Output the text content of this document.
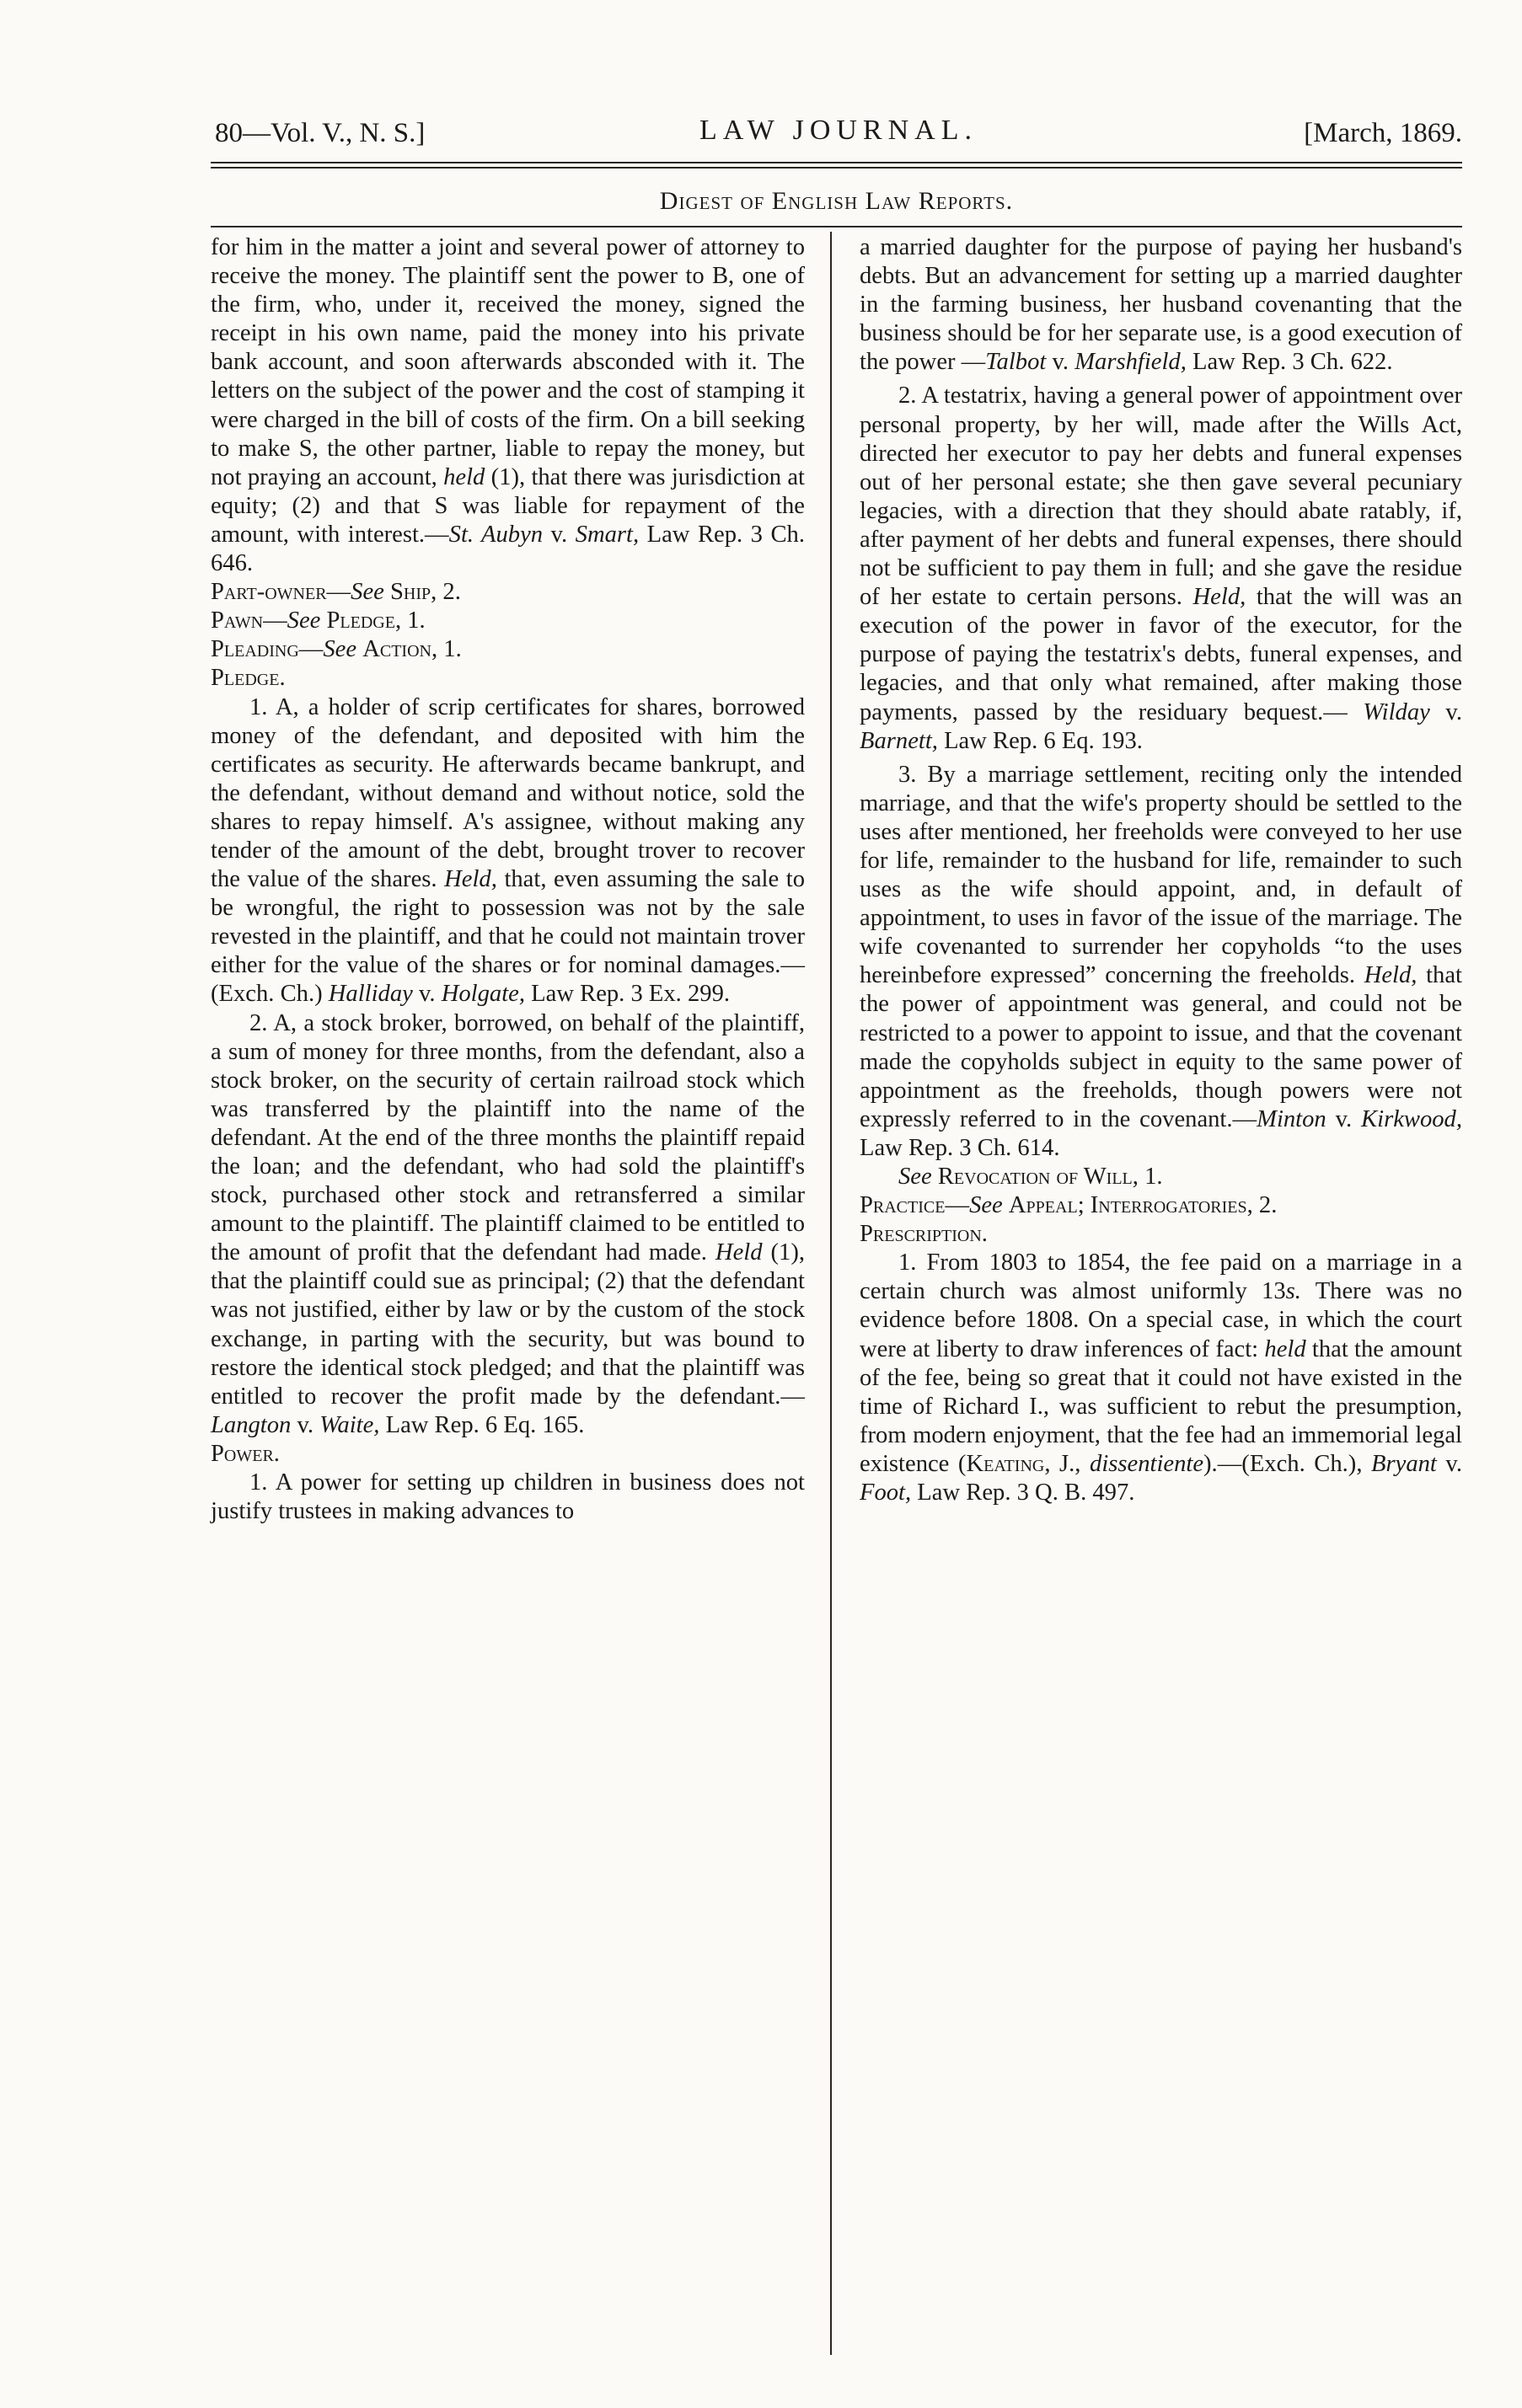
80—Vol. V., N. S.]	LAW JOURNAL.	[March, 1869.
Digest of English Law Reports.

for him in the matter a joint and several power of attorney to receive the money. The plaintiff sent the power to B, one of the firm, who, under it, received the money, signed the receipt in his own name, paid the money into his private bank account, and soon afterwards absconded with it. The letters on the subject of the power and the cost of stamping it were charged in the bill of costs of the firm. On a bill seeking to make S, the other partner, liable to repay the money, but not praying an account, held (1), that there was jurisdiction at equity; (2) and that S was liable for repayment of the amount, with interest.—St. Aubyn v. Smart, Law Rep. 3 Ch. 646.

Part-owner—See Ship, 2.

Pawn—See Pledge, 1.

Pleading—See Action, 1.

Pledge.

1. A, a holder of scrip certificates for shares, borrowed money of the defendant, and deposited with him the certificates as security. He afterwards became bankrupt, and the defendant, without demand and without notice, sold the shares to repay himself. A's assignee, without making any tender of the amount of the debt, brought trover to recover the value of the shares. Held, that, even assuming the sale to be wrongful, the right to possession was not by the sale revested in the plaintiff, and that he could not maintain trover either for the value of the shares or for nominal damages.—(Exch. Ch.) Halliday v. Holgate, Law Rep. 3 Ex. 299.

2. A, a stock broker, borrowed, on behalf of the plaintiff, a sum of money for three months, from the defendant, also a stock broker, on the security of certain railroad stock which was transferred by the plaintiff into the name of the defendant. At the end of the three months the plaintiff repaid the loan; and the defendant, who had sold the plaintiff's stock, purchased other stock and retransferred a similar amount to the plaintiff. The plaintiff claimed to be entitled to the amount of profit that the defendant had made. Held (1), that the plaintiff could sue as principal; (2) that the defendant was not justified, either by law or by the custom of the stock exchange, in parting with the security, but was bound to restore the identical stock pledged; and that the plaintiff was entitled to recover the profit made by the defendant.—Langton v. Waite, Law Rep. 6 Eq. 165.

Power.

1. A power for setting up children in business does not justify trustees in making advances to

a married daughter for the purpose of paying her husband's debts. But an advancement for setting up a married daughter in the farming business, her husband covenanting that the business should be for her separate use, is a good execution of the power —Talbot v. Marshfield, Law Rep. 3 Ch. 622.

2. A testatrix, having a general power of appointment over personal property, by her will, made after the Wills Act, directed her executor to pay her debts and funeral expenses out of her personal estate; she then gave several pecuniary legacies, with a direction that they should abate ratably, if, after payment of her debts and funeral expenses, there should not be sufficient to pay them in full; and she gave the residue of her estate to certain persons. Held, that the will was an execution of the power in favor of the executor, for the purpose of paying the testatrix's debts, funeral expenses, and legacies, and that only what remained, after making those payments, passed by the residuary bequest.— Wilday v. Barnett, Law Rep. 6 Eq. 193.

3. By a marriage settlement, reciting only the intended marriage, and that the wife's property should be settled to the uses after mentioned, her freeholds were conveyed to her use for life, remainder to the husband for life, remainder to such uses as the wife should appoint, and, in default of appointment, to uses in favor of the issue of the marriage. The wife covenanted to surrender her copyholds “to the uses hereinbefore expressed” concerning the freeholds. Held, that the power of appointment was general, and could not be restricted to a power to appoint to issue, and that the covenant made the copyholds subject in equity to the same power of appointment as the freeholds, though powers were not expressly referred to in the covenant.—Minton v. Kirkwood, Law Rep. 3 Ch. 614.

See Revocation of Will, 1.

Practice—See Appeal; Interrogatories, 2.

Prescription.

1. From 1803 to 1854, the fee paid on a marriage in a certain church was almost uniformly 13s. There was no evidence before 1808. On a special case, in which the court were at liberty to draw inferences of fact: held that the amount of the fee, being so great that it could not have existed in the time of Richard I., was sufficient to rebut the presumption, from modern enjoyment, that the fee had an immemorial legal existence (Keating, J., dissentiente).—(Exch. Ch.), Bryant v. Foot, Law Rep. 3 Q. B. 497.
